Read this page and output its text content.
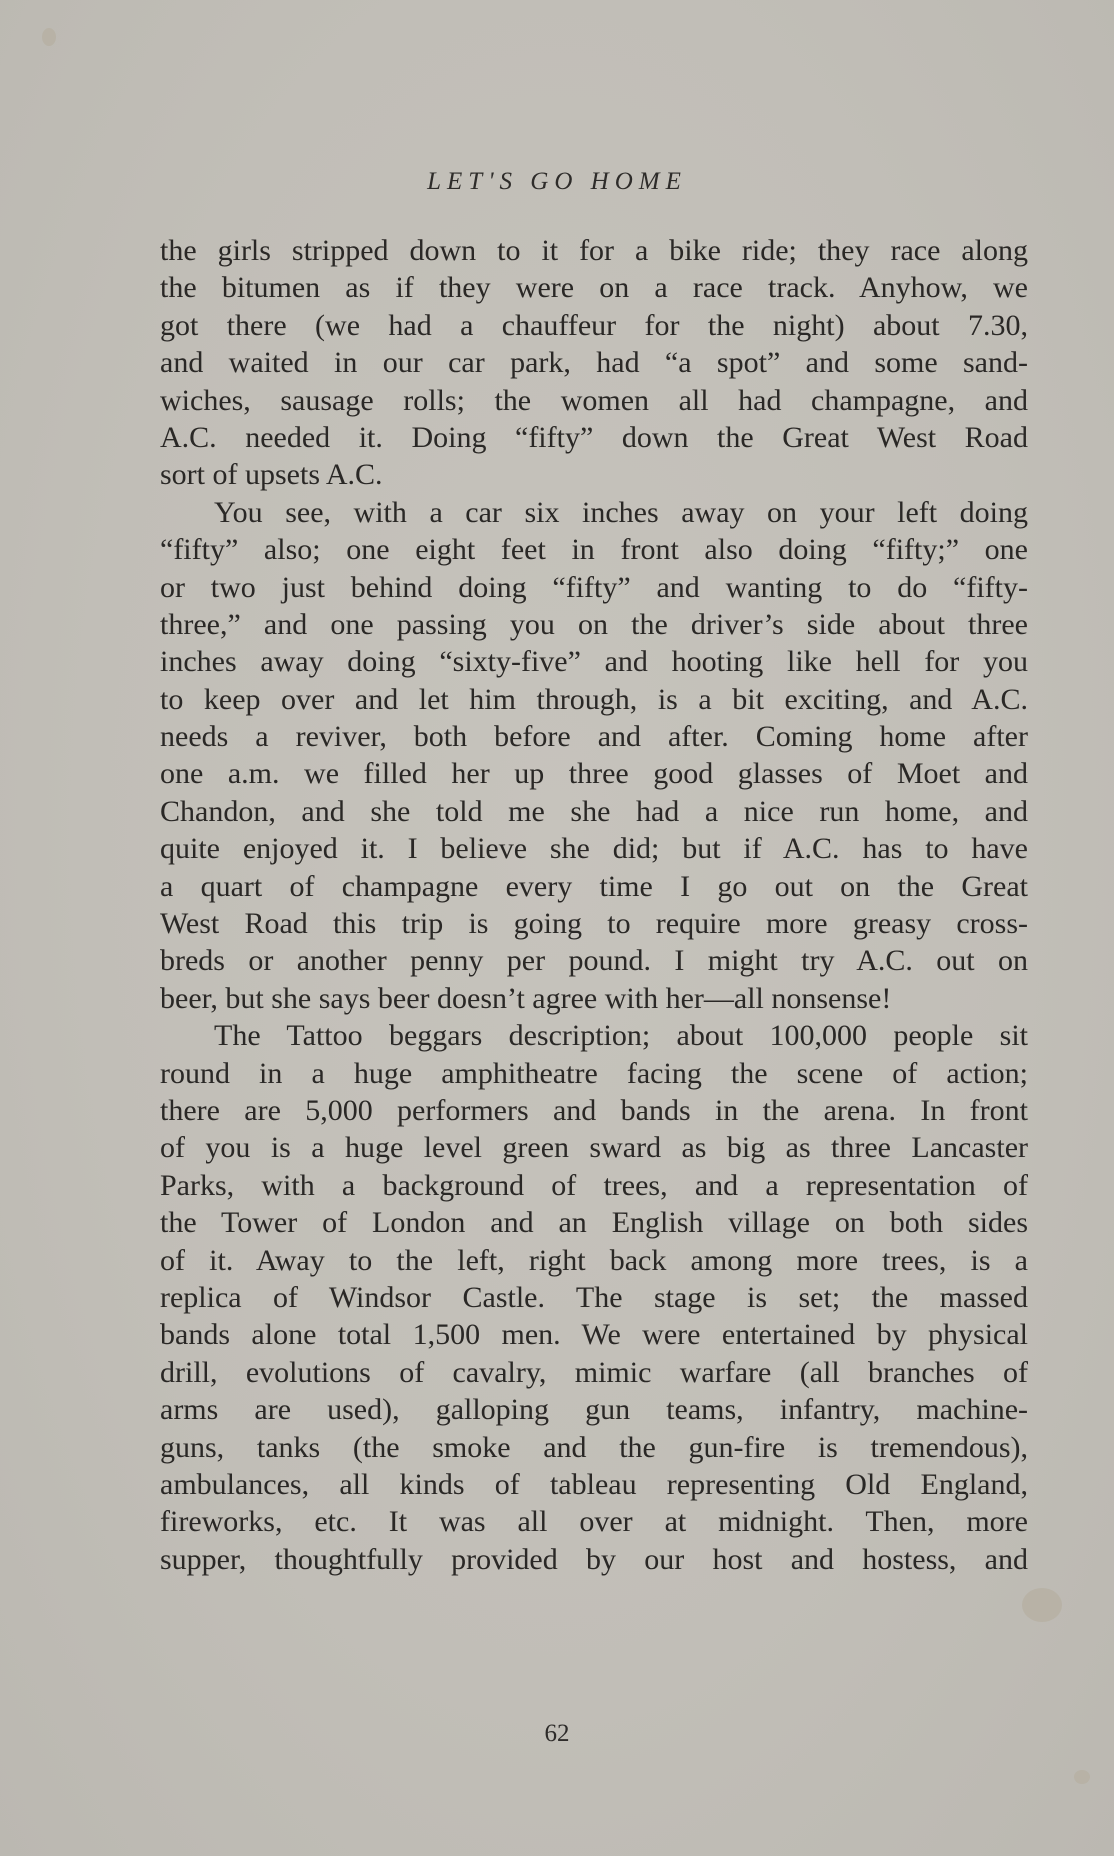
LET'S GO HOME
the girls stripped down to it for a bike ride; they race along
the bitumen as if they were on a race track. Anyhow, we
got there (we had a chauffeur for the night) about 7.30,
and waited in our car park, had “a spot” and some sand-
wiches, sausage rolls; the women all had champagne, and
A.C. needed it. Doing “fifty” down the Great West Road
sort of upsets A.C.
You see, with a car six inches away on your left doing
“fifty” also; one eight feet in front also doing “fifty;” one
or two just behind doing “fifty” and wanting to do “fifty-
three,” and one passing you on the driver’s side about three
inches away doing “sixty-five” and hooting like hell for you
to keep over and let him through, is a bit exciting, and A.C.
needs a reviver, both before and after. Coming home after
one a.m. we filled her up three good glasses of Moet and
Chandon, and she told me she had a nice run home, and
quite enjoyed it. I believe she did; but if A.C. has to have
a quart of champagne every time I go out on the Great
West Road this trip is going to require more greasy cross-
breds or another penny per pound. I might try A.C. out on
beer, but she says beer doesn’t agree with her—all nonsense!
The Tattoo beggars description; about 100,000 people sit
round in a huge amphitheatre facing the scene of action;
there are 5,000 performers and bands in the arena. In front
of you is a huge level green sward as big as three Lancaster
Parks, with a background of trees, and a representation of
the Tower of London and an English village on both sides
of it. Away to the left, right back among more trees, is a
replica of Windsor Castle. The stage is set; the massed
bands alone total 1,500 men. We were entertained by physical
drill, evolutions of cavalry, mimic warfare (all branches of
arms are used), galloping gun teams, infantry, machine-
guns, tanks (the smoke and the gun-fire is tremendous),
ambulances, all kinds of tableau representing Old England,
fireworks, etc. It was all over at midnight. Then, more
supper, thoughtfully provided by our host and hostess, and
62
